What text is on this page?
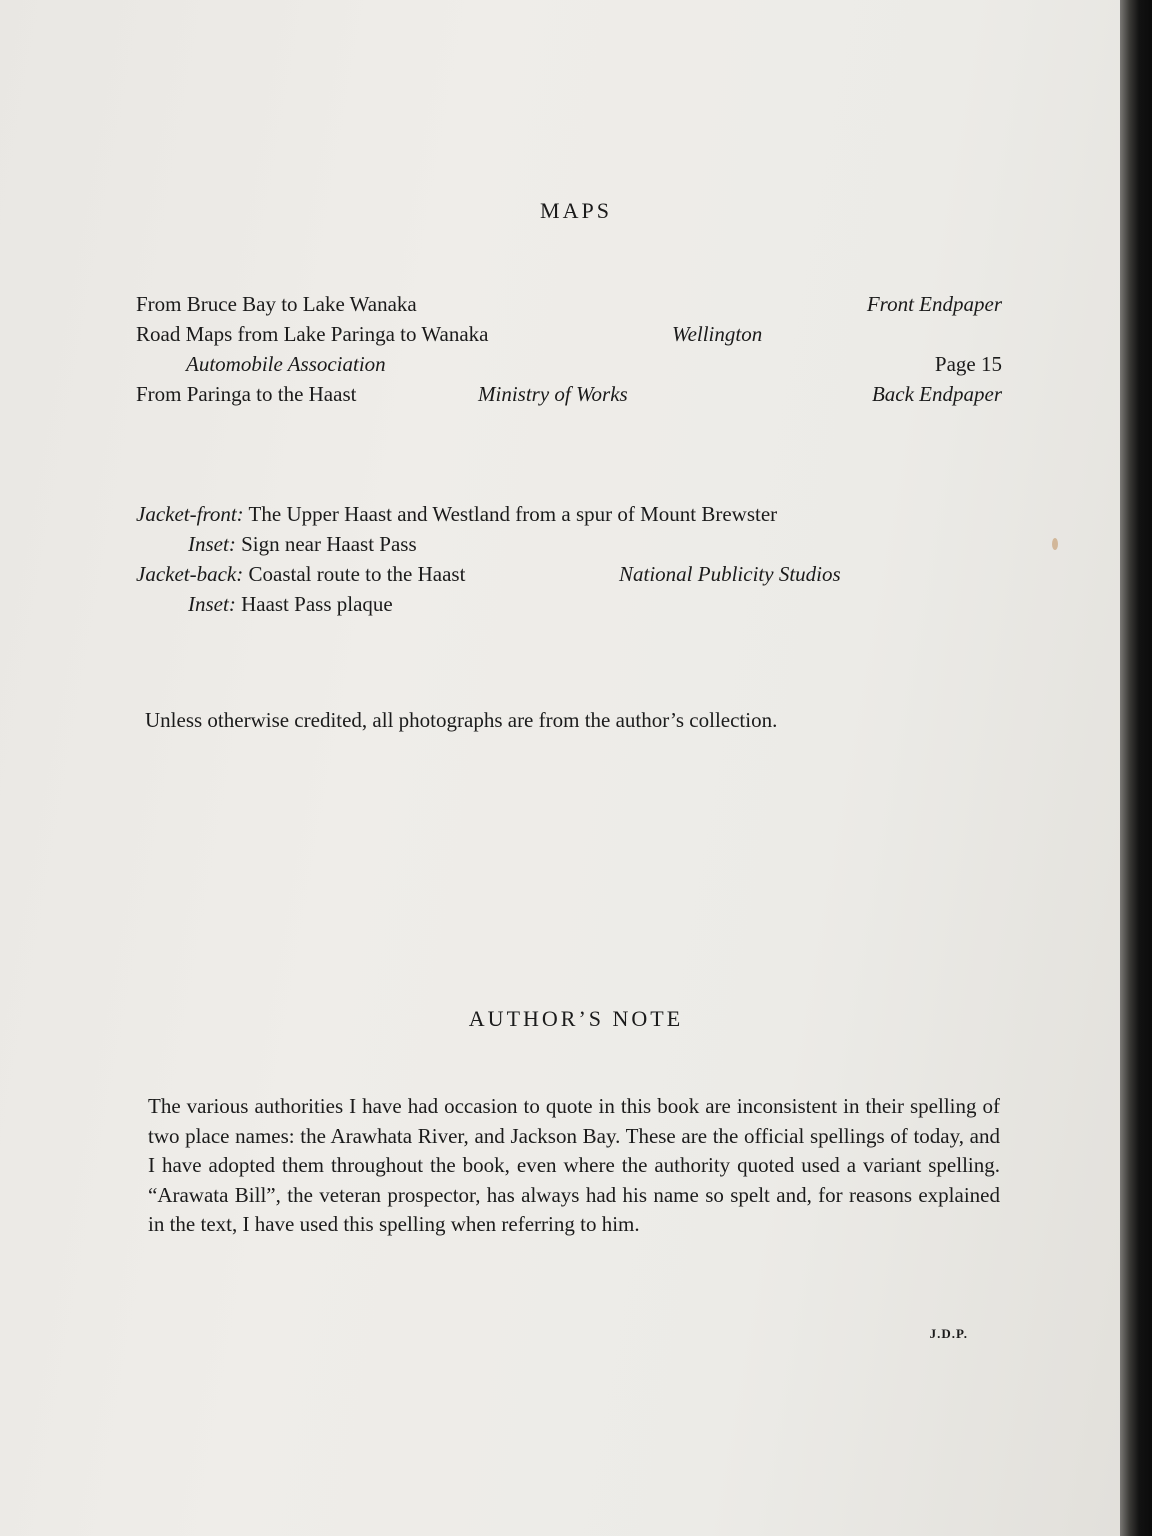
MAPS
From Bruce Bay to Lake Wanaka	Front Endpaper
Road Maps from Lake Paringa to Wanaka	Wellington
Automobile Association	Page 15
From Paringa to the Haast	Ministry of Works	Back Endpaper
Jacket-front: The Upper Haast and Westland from a spur of Mount Brewster
Inset: Sign near Haast Pass
Jacket-back: Coastal route to the Haast	National Publicity Studios
Inset: Haast Pass plaque
Unless otherwise credited, all photographs are from the author’s collection.
AUTHOR’S NOTE

The various authorities I have had occasion to quote in this book are inconsistent in their spelling of two place names: the Arawhata River, and Jackson Bay. These are the official spellings of today, and I have adopted them throughout the book, even where the authority quoted used a variant spelling. “Arawata Bill”, the veteran prospector, has always had his name so spelt and, for reasons explained in the text, I have used this spelling when referring to him.

J.D.P.
